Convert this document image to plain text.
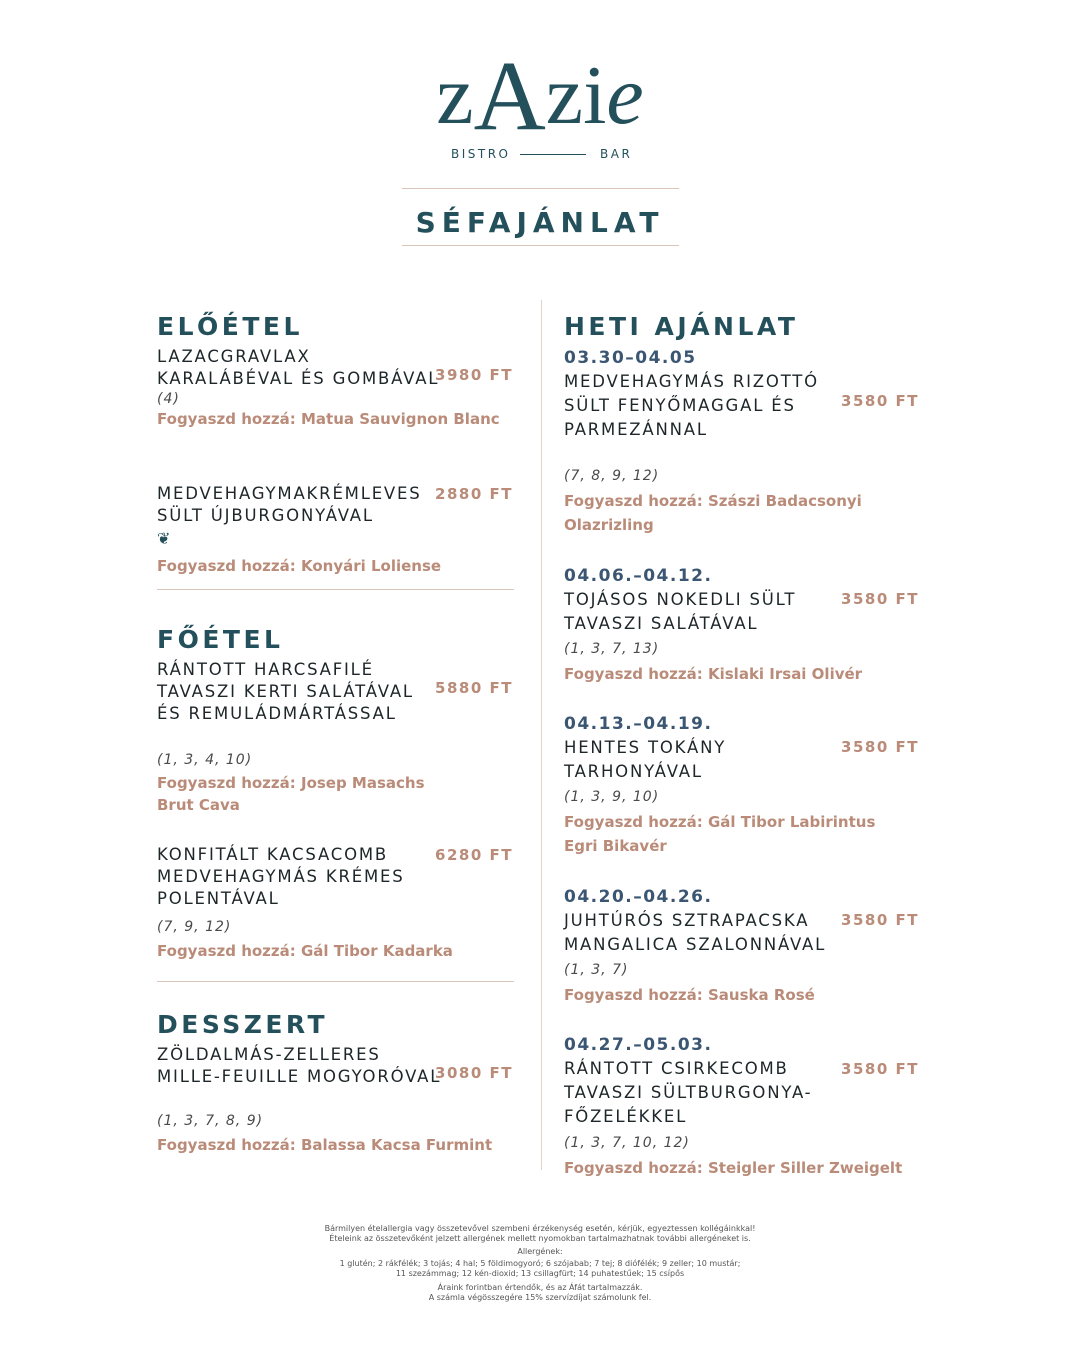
zAzie
BISTRO	BAR
SÉFAJÁNLAT
ELŐÉTEL
LAZACGRAVLAX
KARALÁBÉVAL ÉS GOMBÁVAL
3980 FT
(4)
Fogyaszd hozzá: Matua Sauvignon Blanc
MEDVEHAGYMAKRÉMLEVES
SÜLT ÚJBURGONYÁVAL
2880 FT
❦
Fogyaszd hozzá: Konyári Loliense
FŐÉTEL
RÁNTOTT HARCSAFILÉ
TAVASZI KERTI SALÁTÁVAL
ÉS REMULÁDMÁRTÁSSAL
5880 FT
(1, 3, 4, 10)
Fogyaszd hozzá: Josep Masachs
Brut Cava
KONFITÁLT KACSACOMB
MEDVEHAGYMÁS KRÉMES
POLENTÁVAL
6280 FT
(7, 9, 12)
Fogyaszd hozzá: Gál Tibor Kadarka
DESSZERT
ZÖLDALMÁS-ZELLERES
MILLE-FEUILLE MOGYORÓVAL
3080 FT
(1, 3, 7, 8, 9)
Fogyaszd hozzá: Balassa Kacsa Furmint
HETI AJÁNLAT
03.30–04.05
MEDVEHAGYMÁS RIZOTTÓ
SÜLT FENYŐMAGGAL ÉS
PARMEZÁNNAL
3580 FT
(7, 8, 9, 12)
Fogyaszd hozzá: Szászi Badacsonyi
Olazrizling
04.06.–04.12.
TOJÁSOS NOKEDLI SÜLT
TAVASZI SALÁTÁVAL
3580 FT
(1, 3, 7, 13)
Fogyaszd hozzá: Kislaki Irsai Olivér
04.13.–04.19.
HENTES TOKÁNY
TARHONYÁVAL
3580 FT
(1, 3, 9, 10)
Fogyaszd hozzá: Gál Tibor Labirintus
Egri Bikavér
04.20.–04.26.
JUHTÚRÓS SZTRAPACSKA
MANGALICA SZALONNÁVAL
3580 FT
(1, 3, 7)
Fogyaszd hozzá: Sauska Rosé
04.27.–05.03.
RÁNTOTT CSIRKECOMB
TAVASZI SÜLTBURGONYA-
FŐZELÉKKEL
3580 FT
(1, 3, 7, 10, 12)
Fogyaszd hozzá: Steigler Siller Zweigelt
Bármilyen ételallergia vagy összetevővel szembeni érzékenység esetén, kérjük, egyeztessen kollégáinkkal!
Ételeink az összetevőként jelzett allergének mellett nyomokban tartalmazhatnak további allergéneket is.
Allergének:
1 glutén; 2 rákfélék; 3 tojás; 4 hal; 5 földimogyoró; 6 szójabab; 7 tej; 8 diófélék; 9 zeller; 10 mustár;
11 szezámmag; 12 kén-dioxid; 13 csillagfürt; 14 puhatestűek; 15 csípős
Áraink forintban értendők, és az Áfát tartalmazzák.
A számla végösszegére 15% szervízdíjat számolunk fel.
